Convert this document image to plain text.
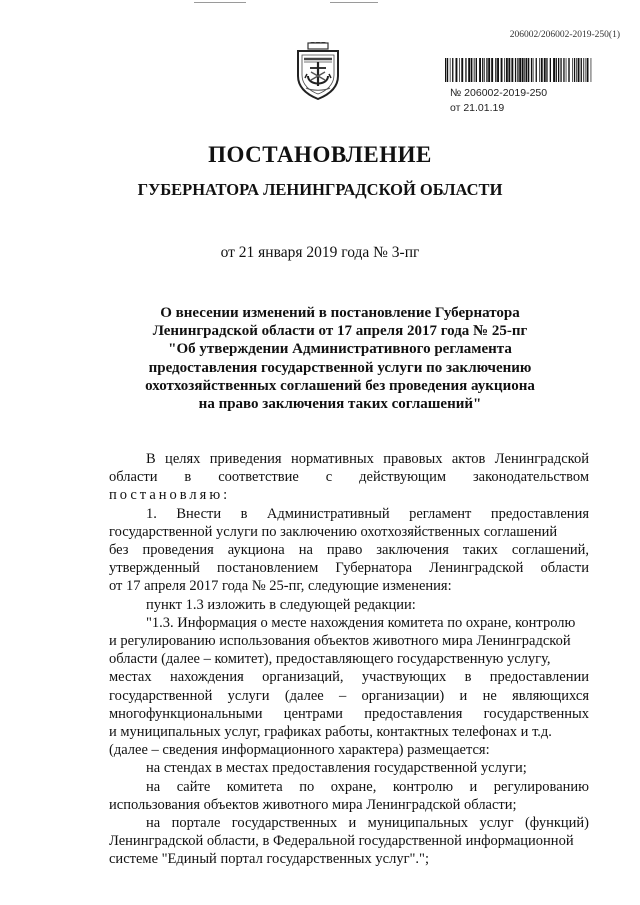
206002/206002-2019-250(1)
№ 206002-2019-250
от 21.01.19
ПОСТАНОВЛЕНИЕ
ГУБЕРНАТОРА ЛЕНИНГРАДСКОЙ ОБЛАСТИ
от 21 января 2019 года № 3-пг
О внесении изменений в постановление Губернатора
Ленинградской области от 17 апреля 2017 года № 25-пг
"Об утверждении Административного регламента
предоставления государственной услуги по заключению
охотхозяйственных соглашений без проведения аукциона
на право заключения таких соглашений"
В целях приведения нормативных правовых актов Ленинградской
области в соответствие с действующим законодательством
постановляю:
1. Внести в Административный регламент предоставления
государственной услуги по заключению охотхозяйственных соглашений
без проведения аукциона на право заключения таких соглашений,
утвержденный постановлением Губернатора Ленинградской области
от 17 апреля 2017 года № 25-пг, следующие изменения:
пункт 1.3 изложить в следующей редакции:
"1.3. Информация о месте нахождения комитета по охране, контролю
и регулированию использования объектов животного мира Ленинградской
области (далее – комитет), предоставляющего государственную услугу,
местах нахождения организаций, участвующих в предоставлении
государственной услуги (далее – организации) и не являющихся
многофункциональными центрами предоставления государственных
и муниципальных услуг, графиках работы, контактных телефонах и т.д.
(далее – сведения информационного характера) размещается:
на стендах в местах предоставления государственной услуги;
на сайте комитета по охране, контролю и регулированию
использования объектов животного мира Ленинградской области;
на портале государственных и муниципальных услуг (функций)
Ленинградской области, в Федеральной государственной информационной
системе "Единый портал государственных услуг".";
